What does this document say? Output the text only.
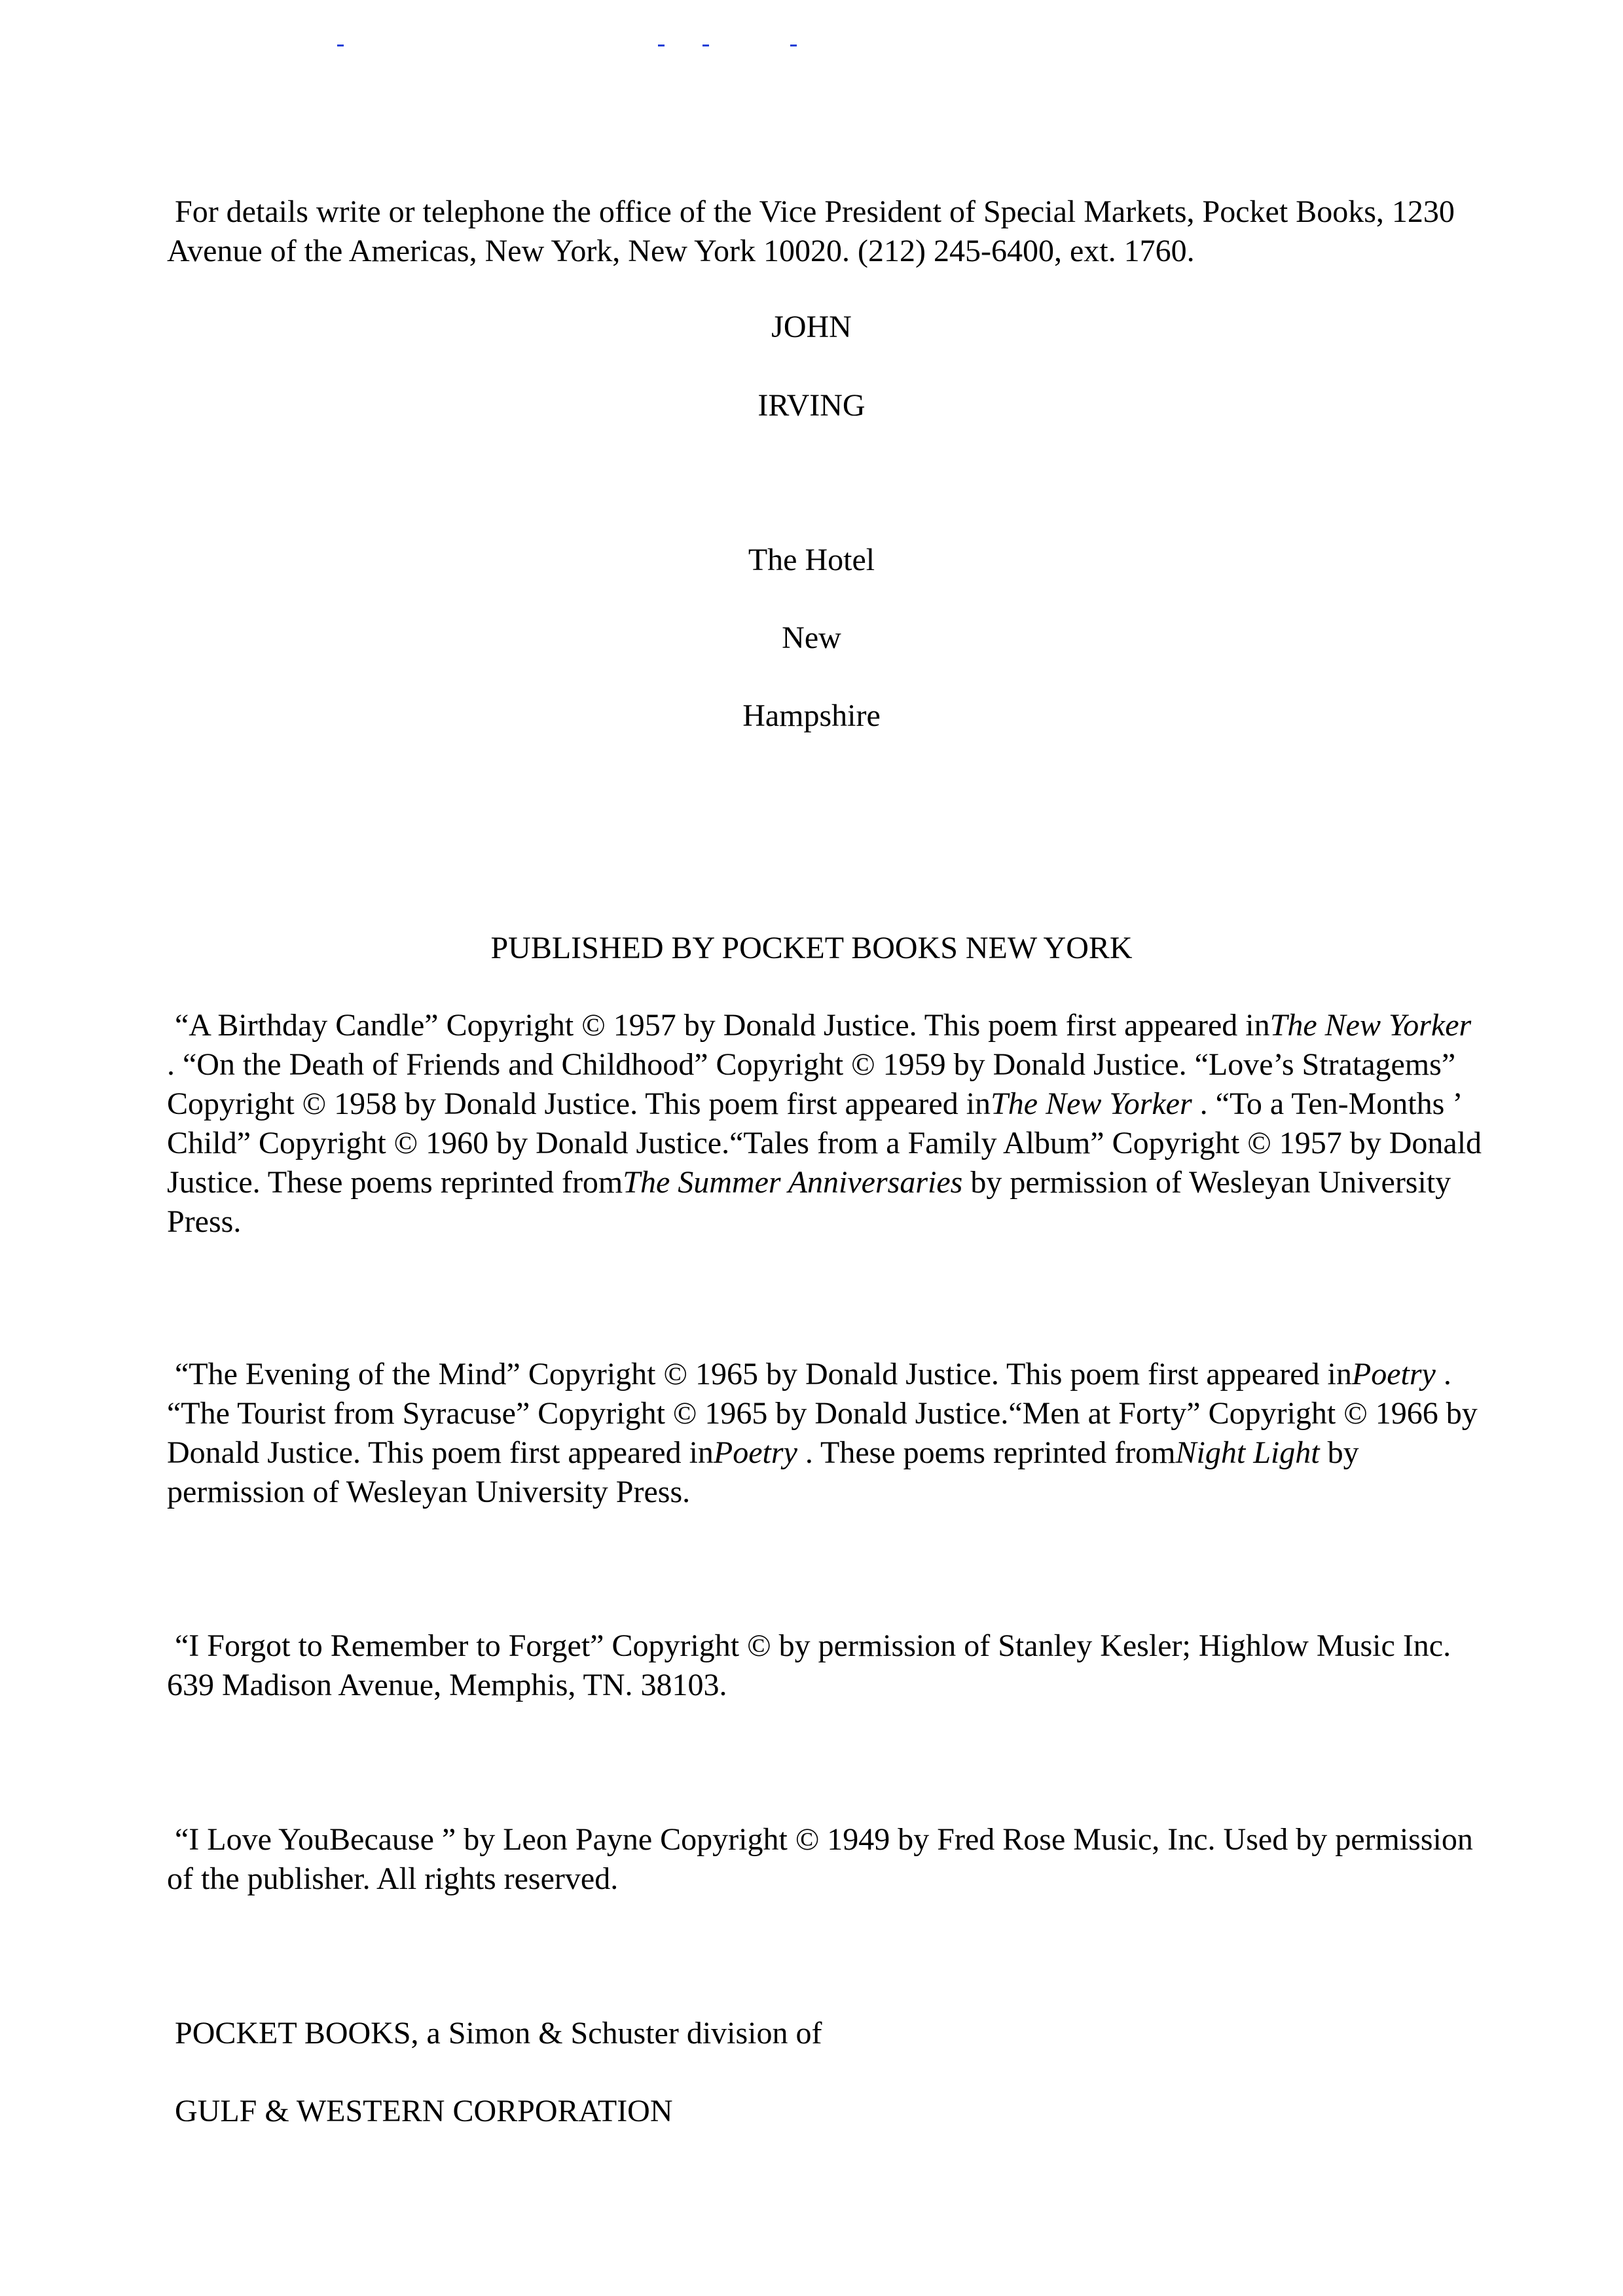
For details write or telephone the office of the Vice President of Special Markets, Pocket Books, 1230 Avenue of the Americas, New York, New York 10020. (212) 245-6400, ext. 1760.

JOHN

IRVING

The Hotel

New

Hampshire

PUBLISHED BY POCKET BOOKS NEW YORK

“A Birthday Candle” Copyright © 1957 by Donald Justice. This poem first appeared inThe New Yorker . “On the Death of Friends and Childhood” Copyright © 1959 by Donald Justice. “Love’s Stratagems” Copyright © 1958 by Donald Justice. This poem first appeared inThe New Yorker . “To a Ten-Months ’ Child” Copyright © 1960 by Donald Justice.“Tales from a Family Album” Copyright © 1957 by Donald Justice. These poems reprinted fromThe Summer Anniversaries by permission of Wesleyan University Press.

“The Evening of the Mind” Copyright © 1965 by Donald Justice. This poem first appeared inPoetry . “The Tourist from Syracuse” Copyright © 1965 by Donald Justice.“Men at Forty” Copyright © 1966 by Donald Justice. This poem first appeared inPoetry . These poems reprinted fromNight Light by permission of Wesleyan University Press.

“I Forgot to Remember to Forget” Copyright © by permission of Stanley Kesler; Highlow Music Inc. 639 Madison Avenue, Memphis, TN. 38103.

“I Love YouBecause ” by Leon Payne Copyright © 1949 by Fred Rose Music, Inc. Used by permission of the publisher. All rights reserved.

POCKET BOOKS, a Simon & Schuster division of

GULF & WESTERN CORPORATION
